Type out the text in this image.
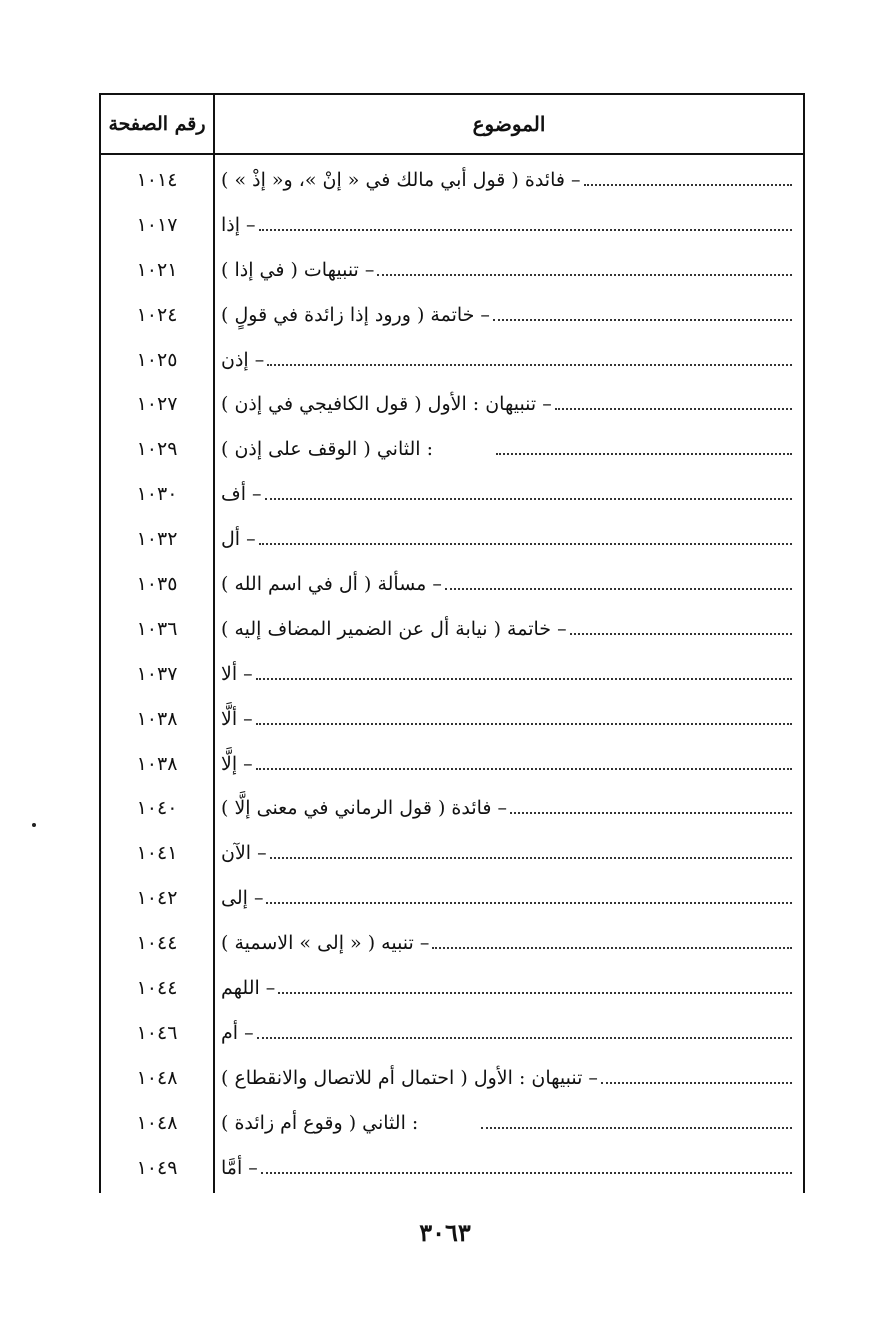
رقم الصفحة	الموضوع
– فائدة ( قول أبي مالك في « إنْ »، و« إذْ » )
١٠١٤
– إذا
١٠١٧
– تنبيهات ( في إذا )
١٠٢١
– خاتمة ( ورود إذا زائدة في قولٍ )
١٠٢٤
– إذن
١٠٢٥
– تنبيهان : الأول ( قول الكافيجي في إذن )
١٠٢٧
: الثاني ( الوقف على إذن )
١٠٢٩
– أف
١٠٣٠
– أل
١٠٣٢
– مسألة ( أل في اسم الله )
١٠٣٥
– خاتمة ( نيابة أل عن الضمير المضاف إليه )
١٠٣٦
– ألا
١٠٣٧
– ألَّا
١٠٣٨
– إلَّا
١٠٣٨
– فائدة ( قول الرماني في معنى إلَّا )
١٠٤٠
– الآن
١٠٤١
– إلى
١٠٤٢
– تنبيه ( « إلى » الاسمية )
١٠٤٤
– اللهم
١٠٤٤
– أم
١٠٤٦
– تنبيهان : الأول ( احتمال أم للاتصال والانقطاع )
١٠٤٨
: الثاني ( وقوع أم زائدة )
١٠٤٨
– أمَّا
١٠٤٩
٣٠٦٣
